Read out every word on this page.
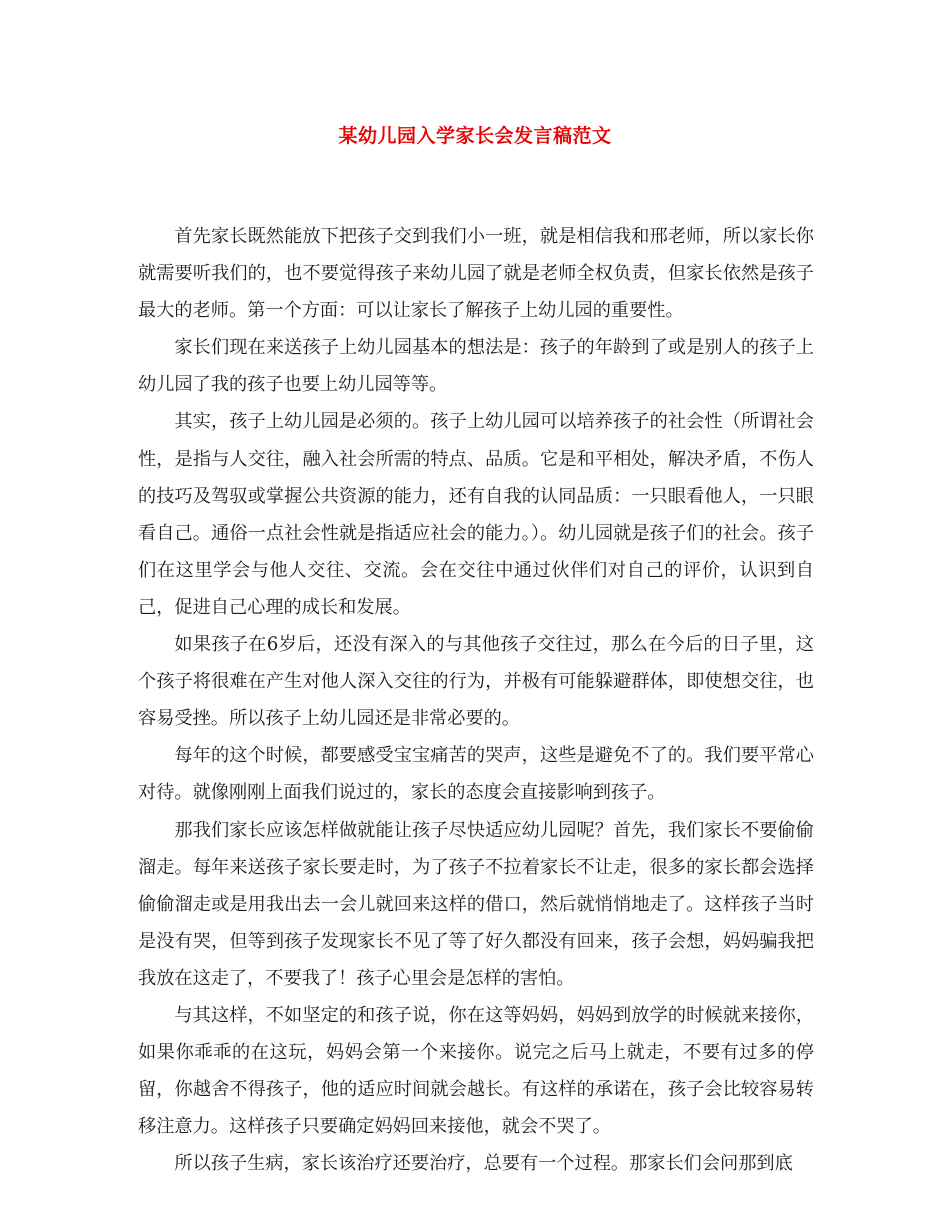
某幼儿园入学家长会发言稿范文

首先家长既然能放下把孩子交到我们小一班，就是相信我和邢老师，所以家长你就需要听我们的，也不要觉得孩子来幼儿园了就是老师全权负责，但家长依然是孩子最大的老师。第一个方面：可以让家长了解孩子上幼儿园的重要性。

家长们现在来送孩子上幼儿园基本的想法是：孩子的年龄到了或是别人的孩子上幼儿园了我的孩子也要上幼儿园等等。

其实，孩子上幼儿园是必须的。孩子上幼儿园可以培养孩子的社会性（所谓社会性，是指与人交往，融入社会所需的特点、品质。它是和平相处，解决矛盾，不伤人的技巧及驾驭或掌握公共资源的能力，还有自我的认同品质：一只眼看他人，一只眼看自己。通俗一点社会性就是指适应社会的能力。）。幼儿园就是孩子们的社会。孩子们在这里学会与他人交往、交流。会在交往中通过伙伴们对自己的评价，认识到自己，促进自己心理的成长和发展。

如果孩子在6岁后，还没有深入的与其他孩子交往过，那么在今后的日子里，这个孩子将很难在产生对他人深入交往的行为，并极有可能躲避群体，即使想交往，也容易受挫。所以孩子上幼儿园还是非常必要的。

每年的这个时候，都要感受宝宝痛苦的哭声，这些是避免不了的。我们要平常心对待。就像刚刚上面我们说过的，家长的态度会直接影响到孩子。

那我们家长应该怎样做就能让孩子尽快适应幼儿园呢？首先，我们家长不要偷偷溜走。每年来送孩子家长要走时，为了孩子不拉着家长不让走，很多的家长都会选择偷偷溜走或是用我出去一会儿就回来这样的借口，然后就悄悄地走了。这样孩子当时是没有哭，但等到孩子发现家长不见了等了好久都没有回来，孩子会想，妈妈骗我把我放在这走了，不要我了！孩子心里会是怎样的害怕。

与其这样，不如坚定的和孩子说，你在这等妈妈，妈妈到放学的时候就来接你，如果你乖乖的在这玩，妈妈会第一个来接你。说完之后马上就走，不要有过多的停留，你越舍不得孩子，他的适应时间就会越长。有这样的承诺在，孩子会比较容易转移注意力。这样孩子只要确定妈妈回来接他，就会不哭了。

所以孩子生病，家长该治疗还要治疗，总要有一个过程。那家长们会问那到底
